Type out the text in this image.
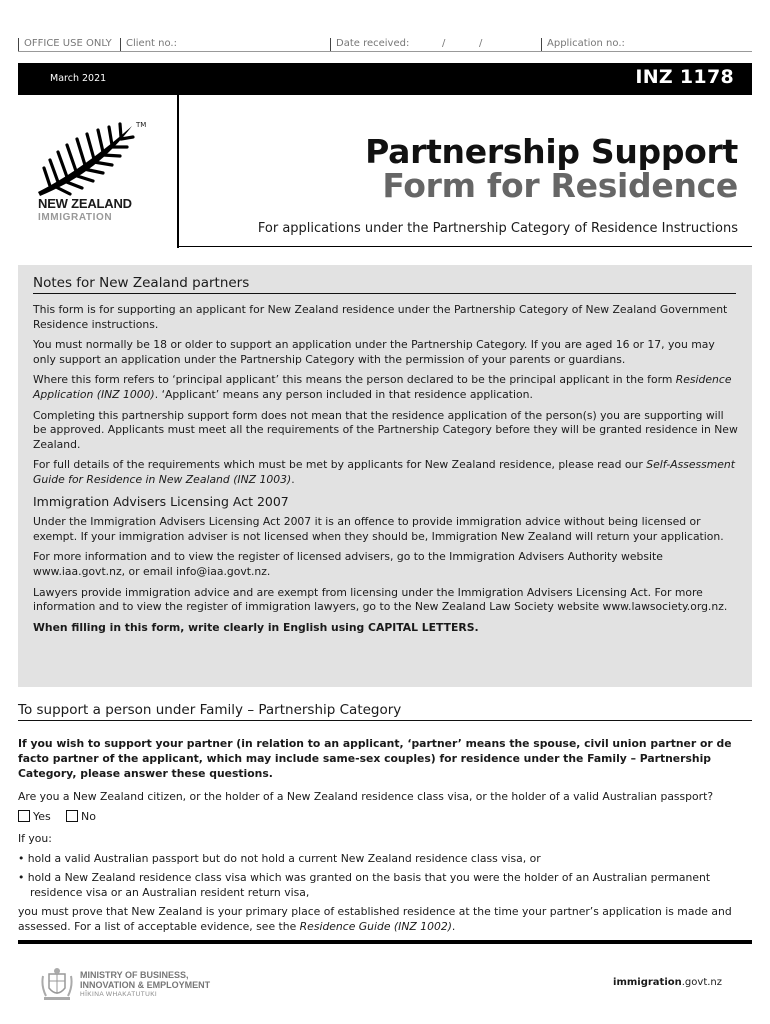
OFFICE USE ONLY Client no.:	Date received:	/	/	Application no.:
March 2021	INZ 1178
TM
NEW ZEALAND
IMMIGRATION
Partnership Support
Form for Residence
For applications under the Partnership Category of Residence Instructions
Notes for New Zealand partners

This form is for supporting an applicant for New Zealand residence under the Partnership Category of New Zealand Government Residence instructions.

You must normally be 18 or older to support an application under the Partnership Category. If you are aged 16 or 17, you may only support an application under the Partnership Category with the permission of your parents or guardians.

Where this form refers to ‘principal applicant’ this means the person declared to be the principal applicant in the form Residence Application (INZ 1000). ‘Applicant’ means any person included in that residence application.

Completing this partnership support form does not mean that the residence application of the person(s) you are supporting will be approved. Applicants must meet all the requirements of the Partnership Category before they will be granted residence in New Zealand.

For full details of the requirements which must be met by applicants for New Zealand residence, please read our Self-Assessment Guide for Residence in New Zealand (INZ 1003).

Immigration Advisers Licensing Act 2007

Under the Immigration Advisers Licensing Act 2007 it is an offence to provide immigration advice without being licensed or exempt. If your immigration adviser is not licensed when they should be, Immigration New Zealand will return your application.

For more information and to view the register of licensed advisers, go to the Immigration Advisers Authority website www.iaa.govt.nz, or email info@iaa.govt.nz.

Lawyers provide immigration advice and are exempt from licensing under the Immigration Advisers Licensing Act. For more information and to view the register of immigration lawyers, go to the New Zealand Law Society website www.lawsociety.org.nz.

When filling in this form, write clearly in English using CAPITAL LETTERS.

To support a person under Family – Partnership Category
If you wish to support your partner (in relation to an applicant, ‘partner’ means the spouse, civil union partner or de facto partner of the applicant, which may include same-sex couples) for residence under the Family – Partnership Category, please answer these questions.
Are you a New Zealand citizen, or the holder of a New Zealand residence class visa, or the holder of a valid Australian passport?
Yes	No
If you:
• hold a valid Australian passport but do not hold a current New Zealand residence class visa, or
• hold a New Zealand residence class visa which was granted on the basis that you were the holder of an Australian permanent residence visa or an Australian resident return visa,
you must prove that New Zealand is your primary place of established residence at the time your partner’s application is made and assessed. For a list of acceptable evidence, see the Residence Guide (INZ 1002).
MINISTRY OF BUSINESS,
INNOVATION & EMPLOYMENT
HĪKINA WHAKATUTUKI
immigration.govt.nz
